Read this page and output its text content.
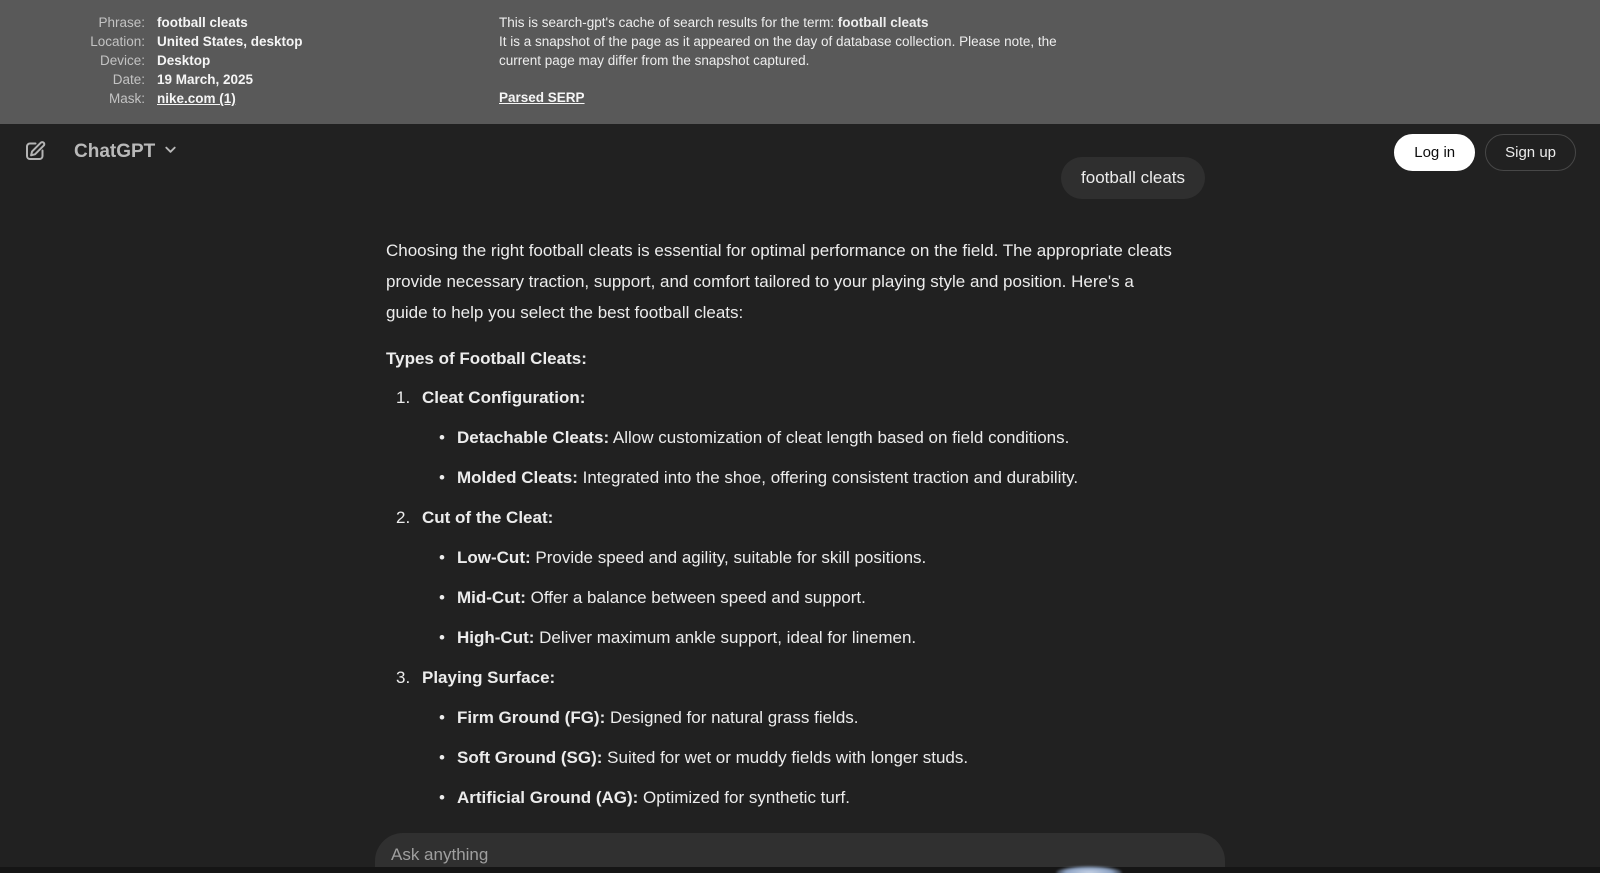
Phrase: football cleats
Location: United States, desktop
Device: Desktop
Date: 19 March, 2025
Mask: nike.com (1)

This is search-gpt's cache of search results for the term: football cleats

It is a snapshot of the page as it appeared on the day of database collection. Please note, the current page may differ from the snapshot captured.

Parsed SERP
ChatGPT	Log in	Sign up
football cleats

Choosing the right football cleats is essential for optimal performance on the field. The appropriate cleats provide necessary traction, support, and comfort tailored to your playing style and position. Here's a guide to help you select the best football cleats:

Types of Football Cleats:

1. Cleat Configuration:
• Detachable Cleats: Allow customization of cleat length based on field conditions.
• Molded Cleats: Integrated into the shoe, offering consistent traction and durability.
2. Cut of the Cleat:
• Low-Cut: Provide speed and agility, suitable for skill positions.
• Mid-Cut: Offer a balance between speed and support.
• High-Cut: Deliver maximum ankle support, ideal for linemen.
3. Playing Surface:
• Firm Ground (FG): Designed for natural grass fields.
• Soft Ground (SG): Suited for wet or muddy fields with longer studs.
• Artificial Ground (AG): Optimized for synthetic turf.
Ask anything
